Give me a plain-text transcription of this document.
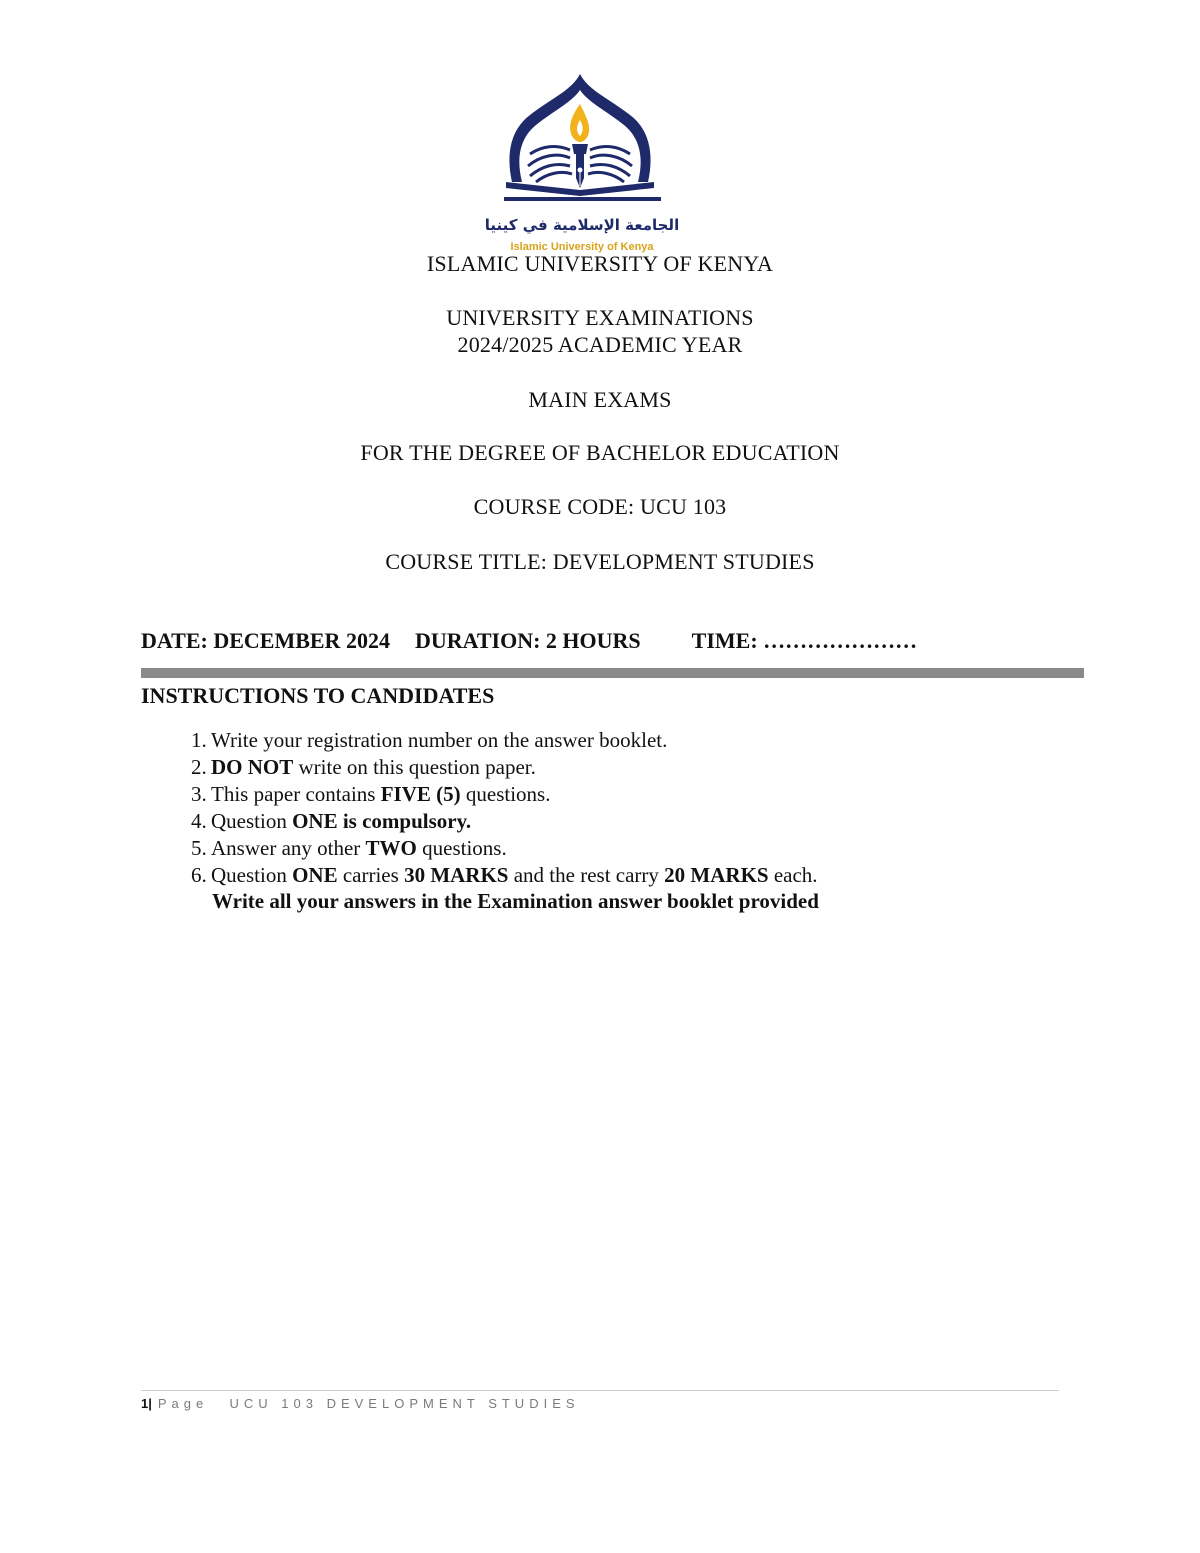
الجامعة الإسلامية في كينيا
Islamic University of Kenya
ISLAMIC UNIVERSITY OF KENYA
UNIVERSITY EXAMINATIONS
2024/2025 ACADEMIC YEAR
MAIN EXAMS
FOR THE DEGREE OF BACHELOR EDUCATION
COURSE CODE: UCU 103
COURSE TITLE: DEVELOPMENT STUDIES
DATE: DECEMBER 2024 DURATION: 2 HOURS TIME: …………………
INSTRUCTIONS TO CANDIDATES
1. Write your registration number on the answer booklet.
2. DO NOT write on this question paper.
3. This paper contains FIVE (5) questions.
4. Question ONE is compulsory.
5. Answer any other TWO questions.
6. Question ONE carries 30 MARKS and the rest carry 20 MARKS each.
Write all your answers in the Examination answer booklet provided
1| Page UCU 103 DEVELOPMENT STUDIES
